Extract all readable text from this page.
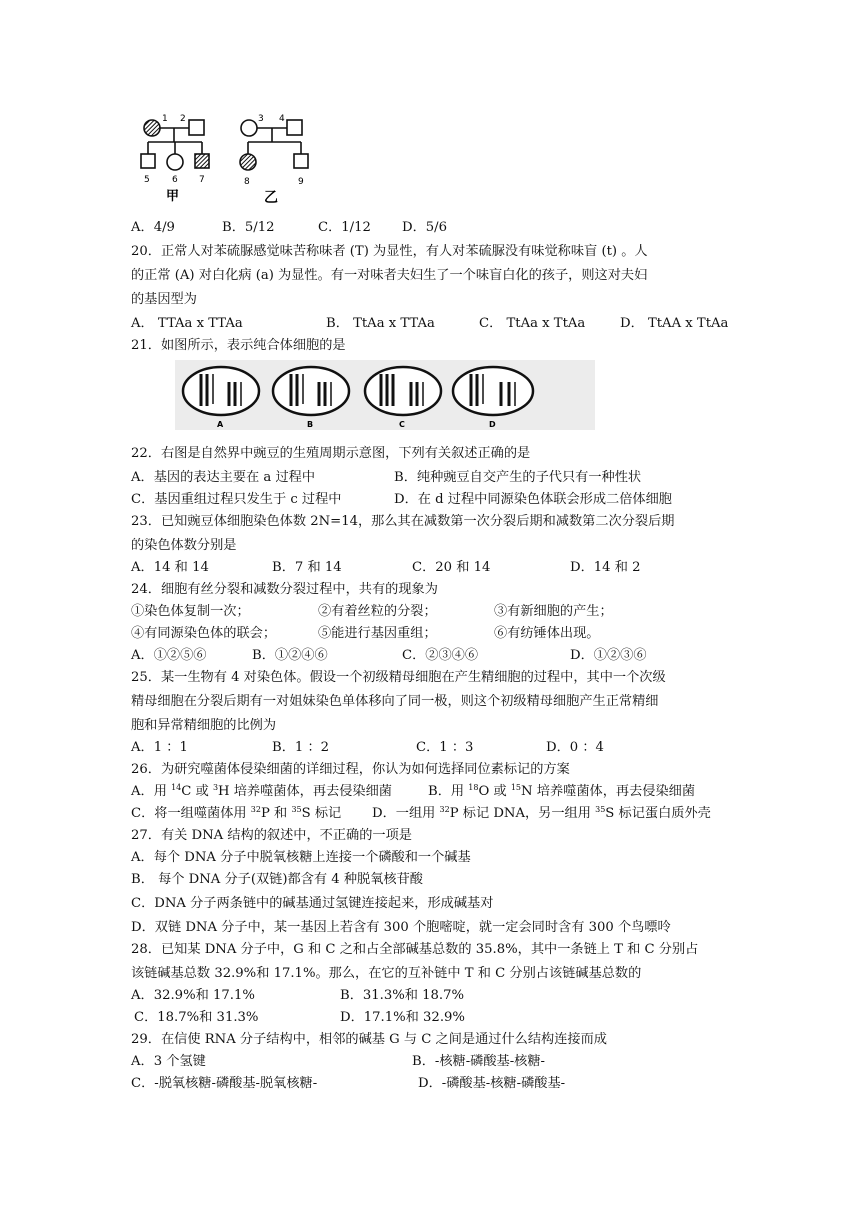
1 2
5 6 7
甲
3 4
8	9
乙
A．4/9	B．5/12	C．1/12 D．5/6
20．正常人对苯硫脲感觉味苦称味者 (T) 为显性，有人对苯硫脲没有味觉称味盲 (t) 。人
的正常 (A) 对白化病 (a) 为显性。有一对味者夫妇生了一个味盲白化的孩子，则这对夫妇
的基因型为
A． TTAa x TTAa	B． TtAa x TTAa	C． TtAa x TtAa	D． TtAA x TtAa
21．如图所示，表示纯合体细胞的是
A	B	C	D
22．右图是自然界中豌豆的生殖周期示意图，下列有关叙述正确的是
A．基因的表达主要在 a 过程中	B．纯种豌豆自交产生的子代只有一种性状
C．基因重组过程只发生于 c 过程中	D．在 d 过程中同源染色体联会形成二倍体细胞
23．已知豌豆体细胞染色体数 2N=14，那么其在减数第一次分裂后期和减数第二次分裂后期
的染色体数分别是
A．14 和 14	B．7 和 14	C．20 和 14	D．14 和 2
24．细胞有丝分裂和减数分裂过程中，共有的现象为
①染色体复制一次；	②有着丝粒的分裂；	③有新细胞的产生；
④有同源染色体的联会；	⑤能进行基因重组；	⑥有纺锤体出现。
A．①②⑤⑥	B．①②④⑥	C．②③④⑥	D．①②③⑥
25．某一生物有 4 对染色体。假设一个初级精母细胞在产生精细胞的过程中，其中一个次级
精母细胞在分裂后期有一对姐妹染色单体移向了同一极，则这个初级精母细胞产生正常精细
胞和异常精细胞的比例为
A．1 ：1	B．1 ：2	C．1 ：3	D．0 ：4
26．为研究噬菌体侵染细菌的详细过程，你认为如何选择同位素标记的方案
A．用 $^{14}$C 或 $^3$H 培养噬菌体，再去侵染细菌	B．用 $^{18}$O 或 $^{15}$N 培养噬菌体，再去侵染细菌
C．将一组噬菌体用 $^{32}$P 和 $^{35}$S 标记 D．一组用 $^{32}$P 标记 DNA，另一组用 $^{35}$S 标记蛋白质外壳
27．有关 DNA 结构的叙述中，不正确的一项是
A．每个 DNA 分子中脱氧核糖上连接一个磷酸和一个碱基
B． 每个 DNA 分子(双链)都含有 4 种脱氧核苷酸
C．DNA 分子两条链中的碱基通过氢键连接起来，形成碱基对
D．双链 DNA 分子中，某一基因上若含有 300 个胞嘧啶，就一定会同时含有 300 个鸟嘌呤
28．已知某 DNA 分子中，G 和 C 之和占全部碱基总数的 35.8%，其中一条链上 T 和 C 分别占
该链碱基总数 32.9%和 17.1%。那么，在它的互补链中 T 和 C 分别占该链碱基总数的
A．32.9%和 17.1%	B．31.3%和 18.7%
C．18.7%和 31.3%	D．17.1%和 32.9%
29．在信使 RNA 分子结构中，相邻的碱基 G 与 C 之间是通过什么结构连接而成
A．3 个氢键	B．-核糖-磷酸基-核糖-
C．-脱氧核糖-磷酸基-脱氧核糖-	D．-磷酸基-核糖-磷酸基-
